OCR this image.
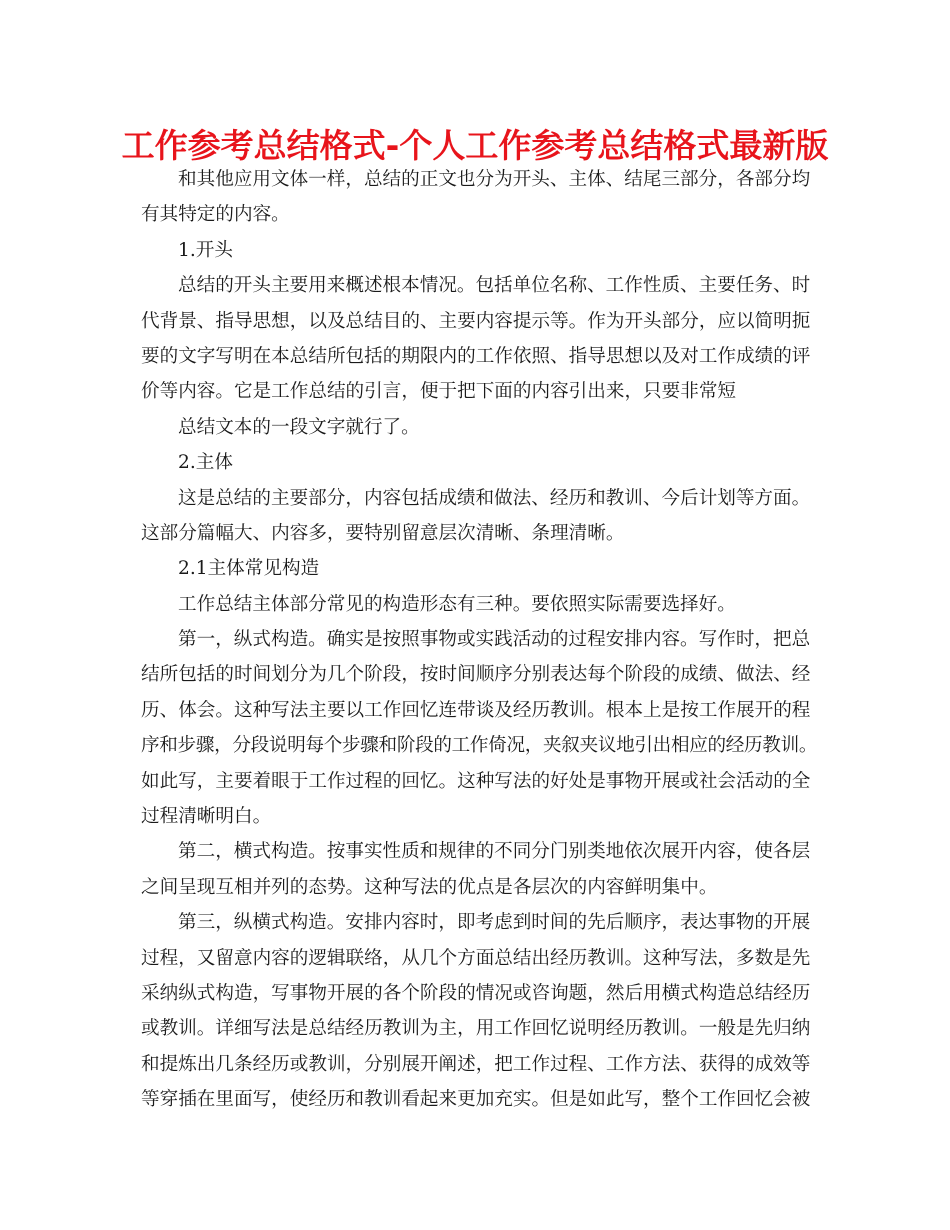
工作参考总结格式-个人工作参考总结格式最新版
和其他应用文体一样，总结的正文也分为开头、主体、结尾三部分，各部分均
有其特定的内容。
1.开头
总结的开头主要用来概述根本情况。包括单位名称、工作性质、主要任务、时
代背景、指导思想，以及总结目的、主要内容提示等。作为开头部分，应以简明扼
要的文字写明在本总结所包括的期限内的工作依照、指导思想以及对工作成绩的评
价等内容。它是工作总结的引言，便于把下面的内容引出来，只要非常短
总结文本的一段文字就行了。
2.主体
这是总结的主要部分，内容包括成绩和做法、经历和教训、今后计划等方面。
这部分篇幅大、内容多，要特别留意层次清晰、条理清晰。
2.1主体常见构造
工作总结主体部分常见的构造形态有三种。要依照实际需要选择好。
第一，纵式构造。确实是按照事物或实践活动的过程安排内容。写作时，把总
结所包括的时间划分为几个阶段，按时间顺序分别表达每个阶段的成绩、做法、经
历、体会。这种写法主要以工作回忆连带谈及经历教训。根本上是按工作展开的程
序和步骤，分段说明每个步骤和阶段的工作倚况，夹叙夹议地引出相应的经历教训。
如此写，主要着眼于工作过程的回忆。这种写法的好处是事物开展或社会活动的全
过程清晰明白。
第二，横式构造。按事实性质和规律的不同分门别类地依次展开内容，使各层
之间呈现互相并列的态势。这种写法的优点是各层次的内容鲜明集中。
第三，纵横式构造。安排内容时，即考虑到时间的先后顺序，表达事物的开展
过程，又留意内容的逻辑联络，从几个方面总结出经历教训。这种写法，多数是先
采纳纵式构造，写事物开展的各个阶段的情况或咨询题，然后用横式构造总结经历
或教训。详细写法是总结经历教训为主，用工作回忆说明经历教训。一般是先归纳
和提炼出几条经历或教训，分别展开阐述，把工作过程、工作方法、获得的成效等
等穿插在里面写，使经历和教训看起来更加充实。但是如此写，整个工作回忆会被
